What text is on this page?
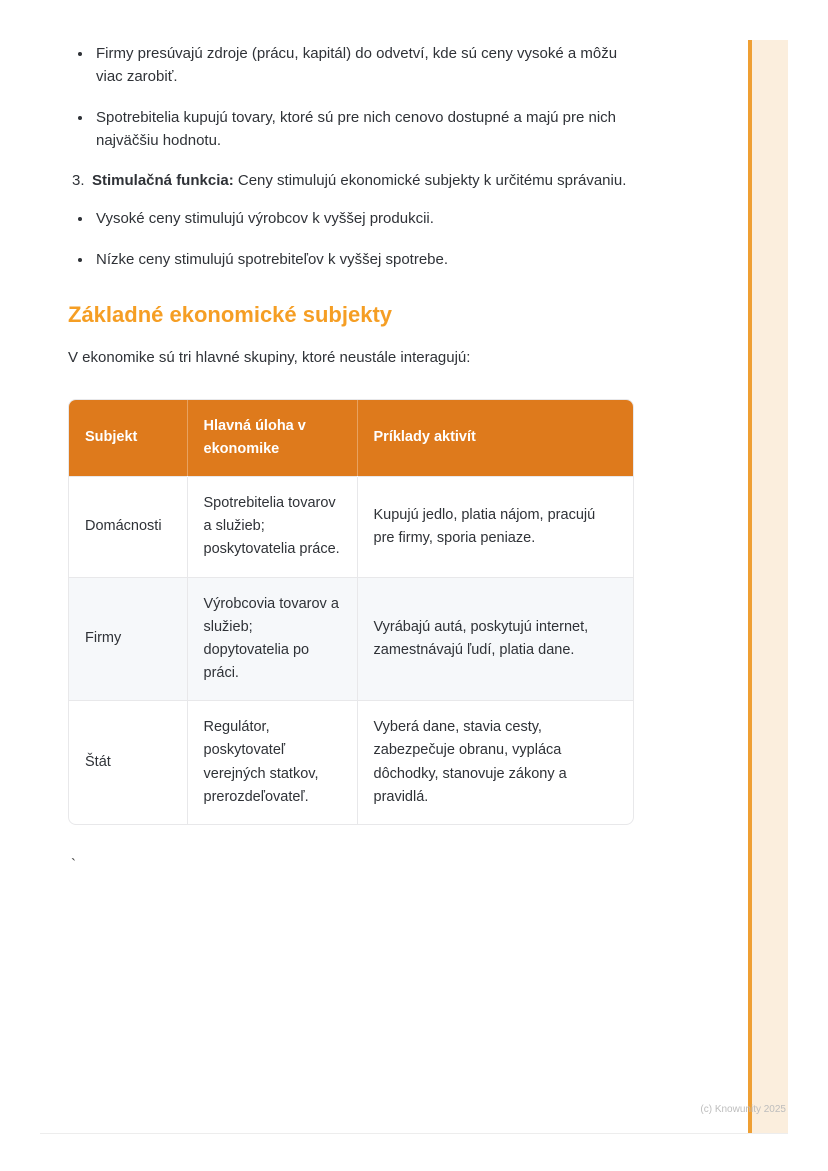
• Firmy presúvajú zdroje (prácu, kapitál) do odvetví, kde sú ceny vysoké a môžu viac zarobiť.
• Spotrebitelia kupujú tovary, ktoré sú pre nich cenovo dostupné a majú pre nich najväčšiu hodnotu.
3. Stimulačná funkcia: Ceny stimulujú ekonomické subjekty k určitému správaniu.
• Vysoké ceny stimulujú výrobcov k vyššej produkcii.
• Nízke ceny stimulujú spotrebiteľov k vyššej spotrebe.
Základné ekonomické subjekty

V ekonomike sú tri hlavné skupiny, ktoré neustále interagujú:

Subjekt	Hlavná úloha v ekonomike	Príklady aktivít
Domácnosti	Spotrebitelia tovarov a služieb; poskytovatelia práce.	Kupujú jedlo, platia nájom, pracujú pre firmy, sporia peniaze.
Firmy	Výrobcovia tovarov a služieb; dopytovatelia po práci.	Vyrábajú autá, poskytujú internet, zamestnávajú ľudí, platia dane.
Štát	Regulátor, poskytovateľ verejných statkov, prerozdeľovateľ.	Vyberá dane, stavia cesty, zabezpečuje obranu, vypláca dôchodky, stanovuje zákony a pravidlá.
`
(c) Knowunity 2025
